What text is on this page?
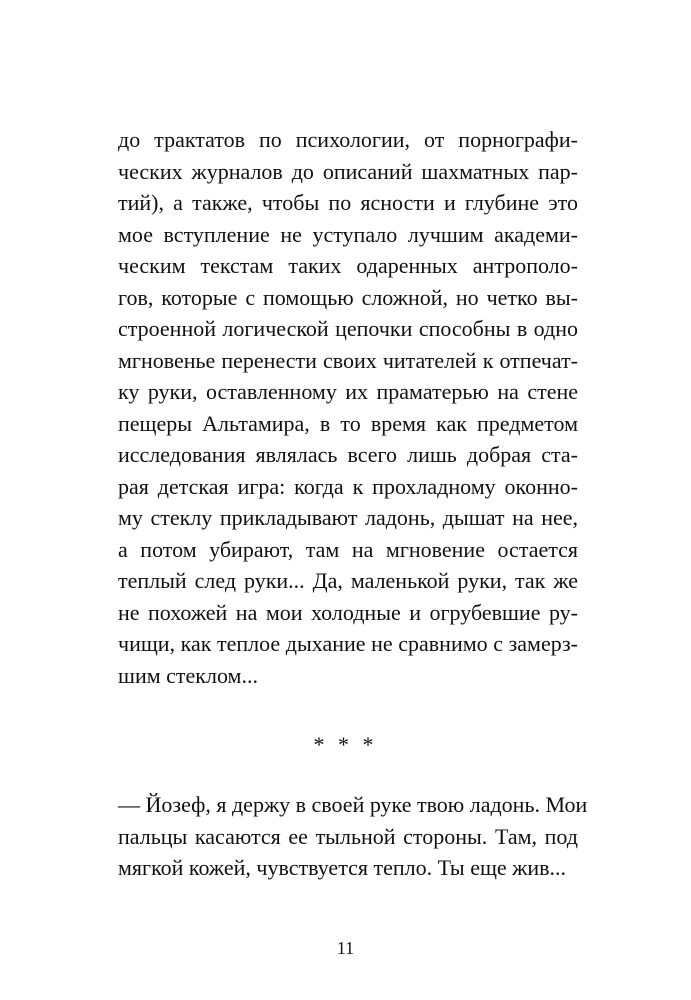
до трактатов по психологии, от порнографи-
ческих журналов до описаний шахматных пар-
тий), а также, чтобы по ясности и глубине это
мое вступление не уступало лучшим академи-
ческим текстам таких одаренных антрополо-
гов, которые с помощью сложной, но четко вы-
строенной логической цепочки способны в одно
мгновенье перенести своих читателей к отпечат-
ку руки, оставленному их праматерью на стене
пещеры Альтамира, в то время как предметом
исследования являлась всего лишь добрая ста-
рая детская игра: когда к прохладному оконно-
му стеклу прикладывают ладонь, дышат на нее,
а потом убирают, там на мгновение остается
теплый след руки... Да, маленькой руки, так же
не похожей на мои холодные и огрубевшие ру-
чищи, как теплое дыхание не сравнимо с замерз-
шим стеклом...
* * *
— Йозеф, я держу в своей руке твою ладонь. Мои
пальцы касаются ее тыльной стороны. Там, под
мягкой кожей, чувствуется тепло. Ты еще жив...
11
